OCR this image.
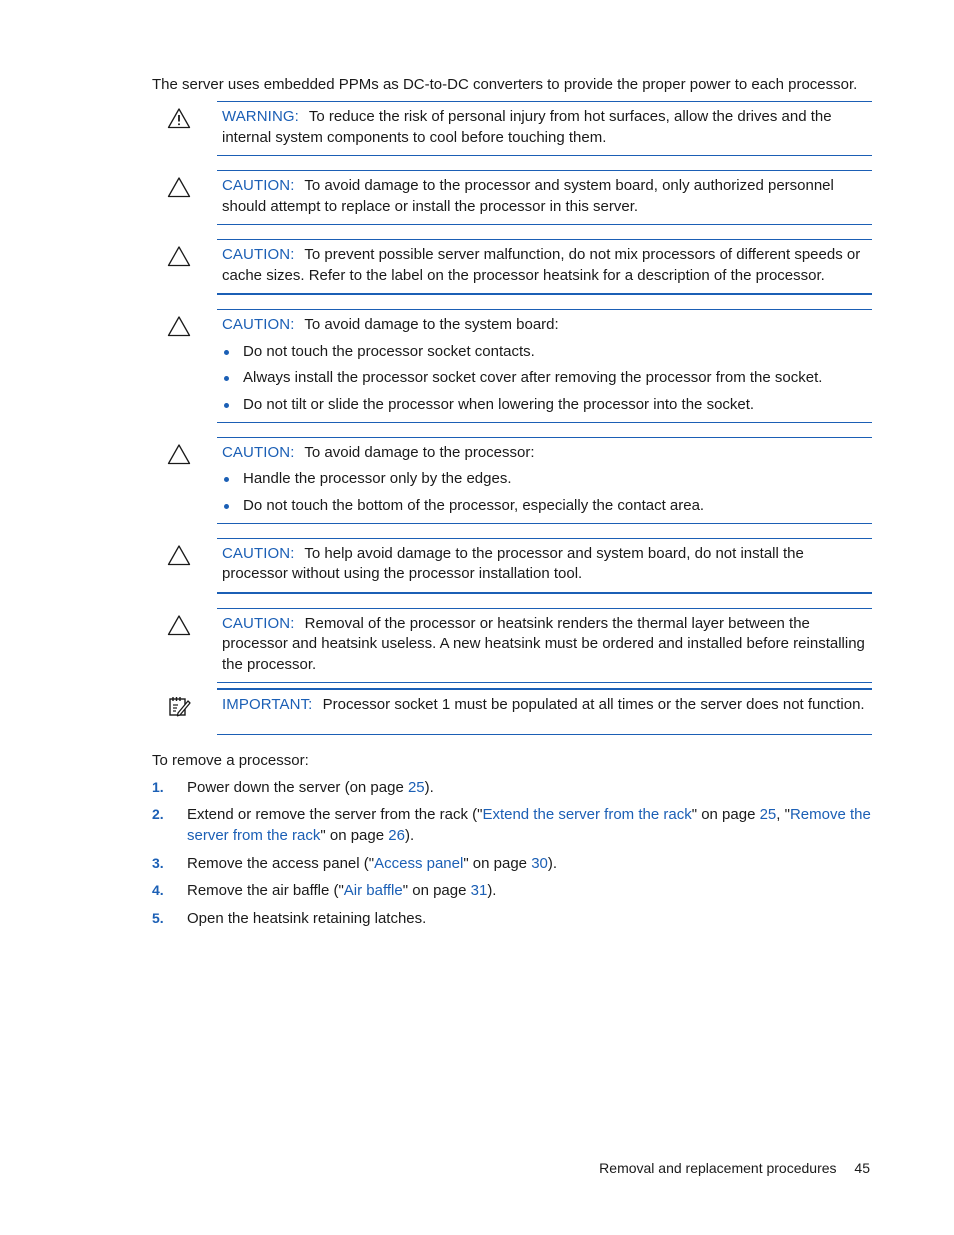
The server uses embedded PPMs as DC-to-DC converters to provide the proper power to each processor.

WARNING: To reduce the risk of personal injury from hot surfaces, allow the drives and the internal system components to cool before touching them.
CAUTION: To avoid damage to the processor and system board, only authorized personnel should attempt to replace or install the processor in this server.
CAUTION: To prevent possible server malfunction, do not mix processors of different speeds or cache sizes. Refer to the label on the processor heatsink for a description of the processor.
CAUTION: To avoid damage to the system board:
Do not touch the processor socket contacts.
Always install the processor socket cover after removing the processor from the socket.
Do not tilt or slide the processor when lowering the processor into the socket.
CAUTION: To avoid damage to the processor:
Handle the processor only by the edges.
Do not touch the bottom of the processor, especially the contact area.
CAUTION: To help avoid damage to the processor and system board, do not install the processor without using the processor installation tool.
CAUTION: Removal of the processor or heatsink renders the thermal layer between the processor and heatsink useless. A new heatsink must be ordered and installed before reinstalling the processor.
IMPORTANT: Processor socket 1 must be populated at all times or the server does not function.

To remove a processor:

1. Power down the server (on page 25).
2. Extend or remove the server from the rack ("Extend the server from the rack" on page 25, "Remove the server from the rack" on page 26).
3. Remove the access panel ("Access panel" on page 30).
4. Remove the air baffle ("Air baffle" on page 31).
5. Open the heatsink retaining latches.
Removal and replacement procedures 45
